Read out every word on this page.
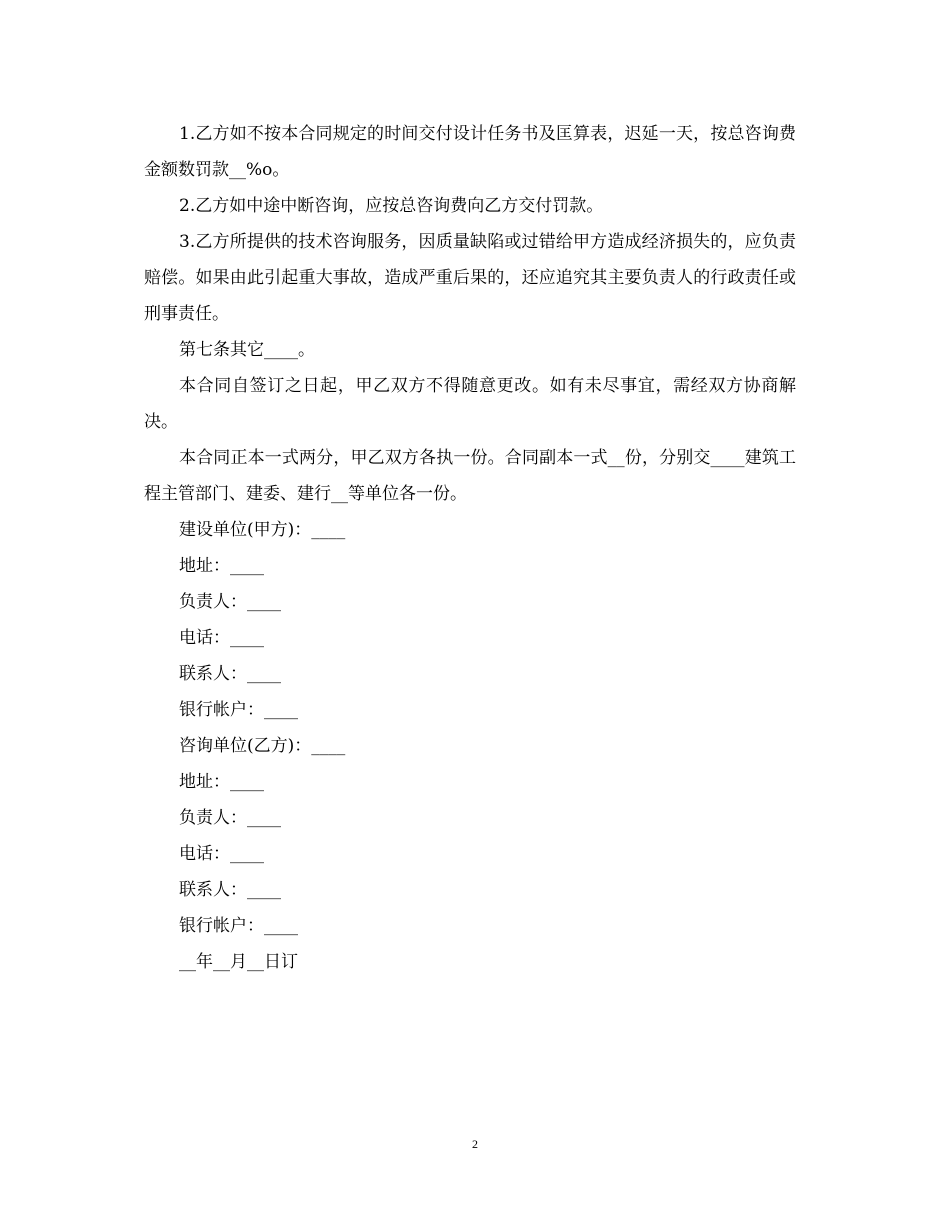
1.乙方如不按本合同规定的时间交付设计任务书及匡算表，迟延一天，按总咨询费金额数罚款__%o。

2.乙方如中途中断咨询，应按总咨询费向乙方交付罚款。

3.乙方所提供的技术咨询服务，因质量缺陷或过错给甲方造成经济损失的，应负责赔偿。如果由此引起重大事故，造成严重后果的，还应追究其主要负责人的行政责任或刑事责任。

第七条其它____。

本合同自签订之日起，甲乙双方不得随意更改。如有未尽事宜，需经双方协商解决。

本合同正本一式两分，甲乙双方各执一份。合同副本一式__份，分别交____建筑工程主管部门、建委、建行__等单位各一份。

建设单位(甲方)：____

地址：____

负责人：____

电话：____

联系人：____

银行帐户：____

咨询单位(乙方)：____

地址：____

负责人：____

电话：____

联系人：____

银行帐户：____

__年__月__日订

2
